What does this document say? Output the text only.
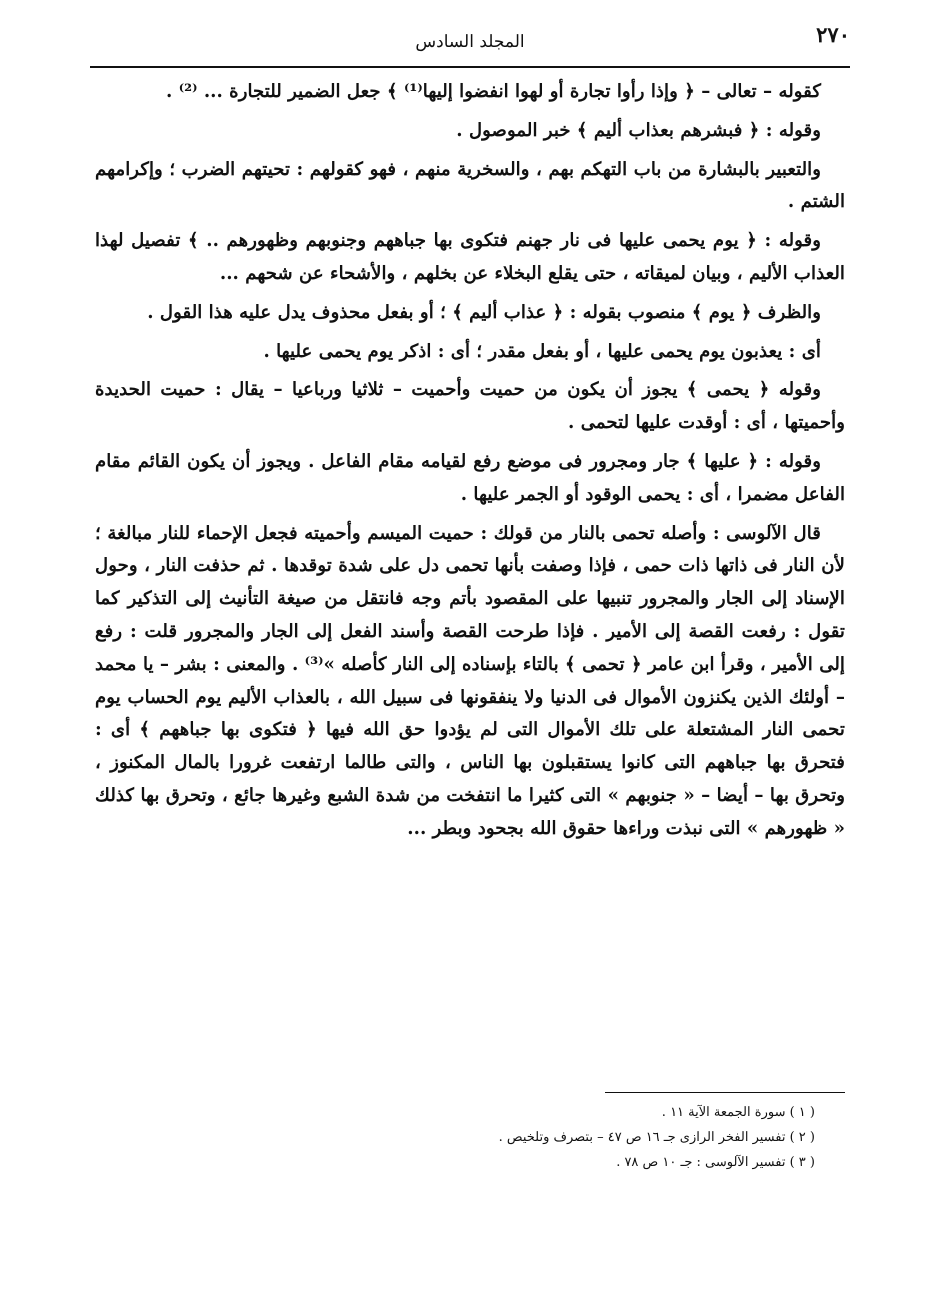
٢٧٠
المجلد السادس

كقوله – تعالى – ﴿ وإذا رأوا تجارة أو لهوا انفضوا إليها⁽¹⁾ ﴾ جعل الضمير للتجارة ... ⁽²⁾ .

وقوله : ﴿ فبشرهم بعذاب أليم ﴾ خبر الموصول .

والتعبير بالبشارة من باب التهكم بهم ، والسخرية منهم ، فهو كقولهم : تحيتهم الضرب ؛ وإكرامهم الشتم .

وقوله : ﴿ يوم يحمى عليها فى نار جهنم فتكوى بها جباههم وجنوبهم وظهورهم .. ﴾ تفصيل لهذا العذاب الأليم ، وبيان لميقاته ، حتى يقلع البخلاء عن بخلهم ، والأشحاء عن شحهم ...

والظرف ﴿ يوم ﴾ منصوب بقوله : ﴿ عذاب أليم ﴾ ؛ أو بفعل محذوف يدل عليه هذا القول .

أى : يعذبون يوم يحمى عليها ، أو بفعل مقدر ؛ أى : اذكر يوم يحمى عليها .

وقوله ﴿ يحمى ﴾ يجوز أن يكون من حميت وأحميت – ثلاثيا ورباعيا – يقال : حميت الحديدة وأحميتها ، أى : أوقدت عليها لتحمى .

وقوله : ﴿ عليها ﴾ جار ومجرور فى موضع رفع لقيامه مقام الفاعل . ويجوز أن يكون القائم مقام الفاعل مضمرا ، أى : يحمى الوقود أو الجمر عليها .

قال الآلوسى : وأصله تحمى بالنار من قولك : حميت الميسم وأحميته فجعل الإحماء للنار مبالغة ؛ لأن النار فى ذاتها ذات حمى ، فإذا وصفت بأنها تحمى دل على شدة توقدها . ثم حذفت النار ، وحول الإسناد إلى الجار والمجرور تنبيها على المقصود بأتم وجه فانتقل من صيغة التأنيث إلى التذكير كما تقول : رفعت القصة إلى الأمير . فإذا طرحت القصة وأسند الفعل إلى الجار والمجرور قلت : رفع إلى الأمير ، وقرأ ابن عامر ﴿ تحمى ﴾ بالتاء بإسناده إلى النار كأصله »⁽³⁾ . والمعنى : بشر – يا محمد – أولئك الذين يكنزون الأموال فى الدنيا ولا ينفقونها فى سبيل الله ، بالعذاب الأليم يوم الحساب يوم تحمى النار المشتعلة على تلك الأموال التى لم يؤدوا حق الله فيها ﴿ فتكوى بها جباههم ﴾ أى : فتحرق بها جباههم التى كانوا يستقبلون بها الناس ، والتى طالما ارتفعت غرورا بالمال المكنوز ، وتحرق بها – أيضا – « جنوبهم » التى كثيرا ما انتفخت من شدة الشبع وغيرها جائع ، وتحرق بها كذلك « ظهورهم » التى نبذت وراءها حقوق الله بجحود وبطر ...

( ١ ) سورة الجمعة الآية ١١ .
( ٢ ) تفسير الفخر الرازى جـ ١٦ ص ٤٧ – بتصرف وتلخيص .
( ٣ ) تفسير الآلوسى : جـ ١٠ ص ٧٨ .
